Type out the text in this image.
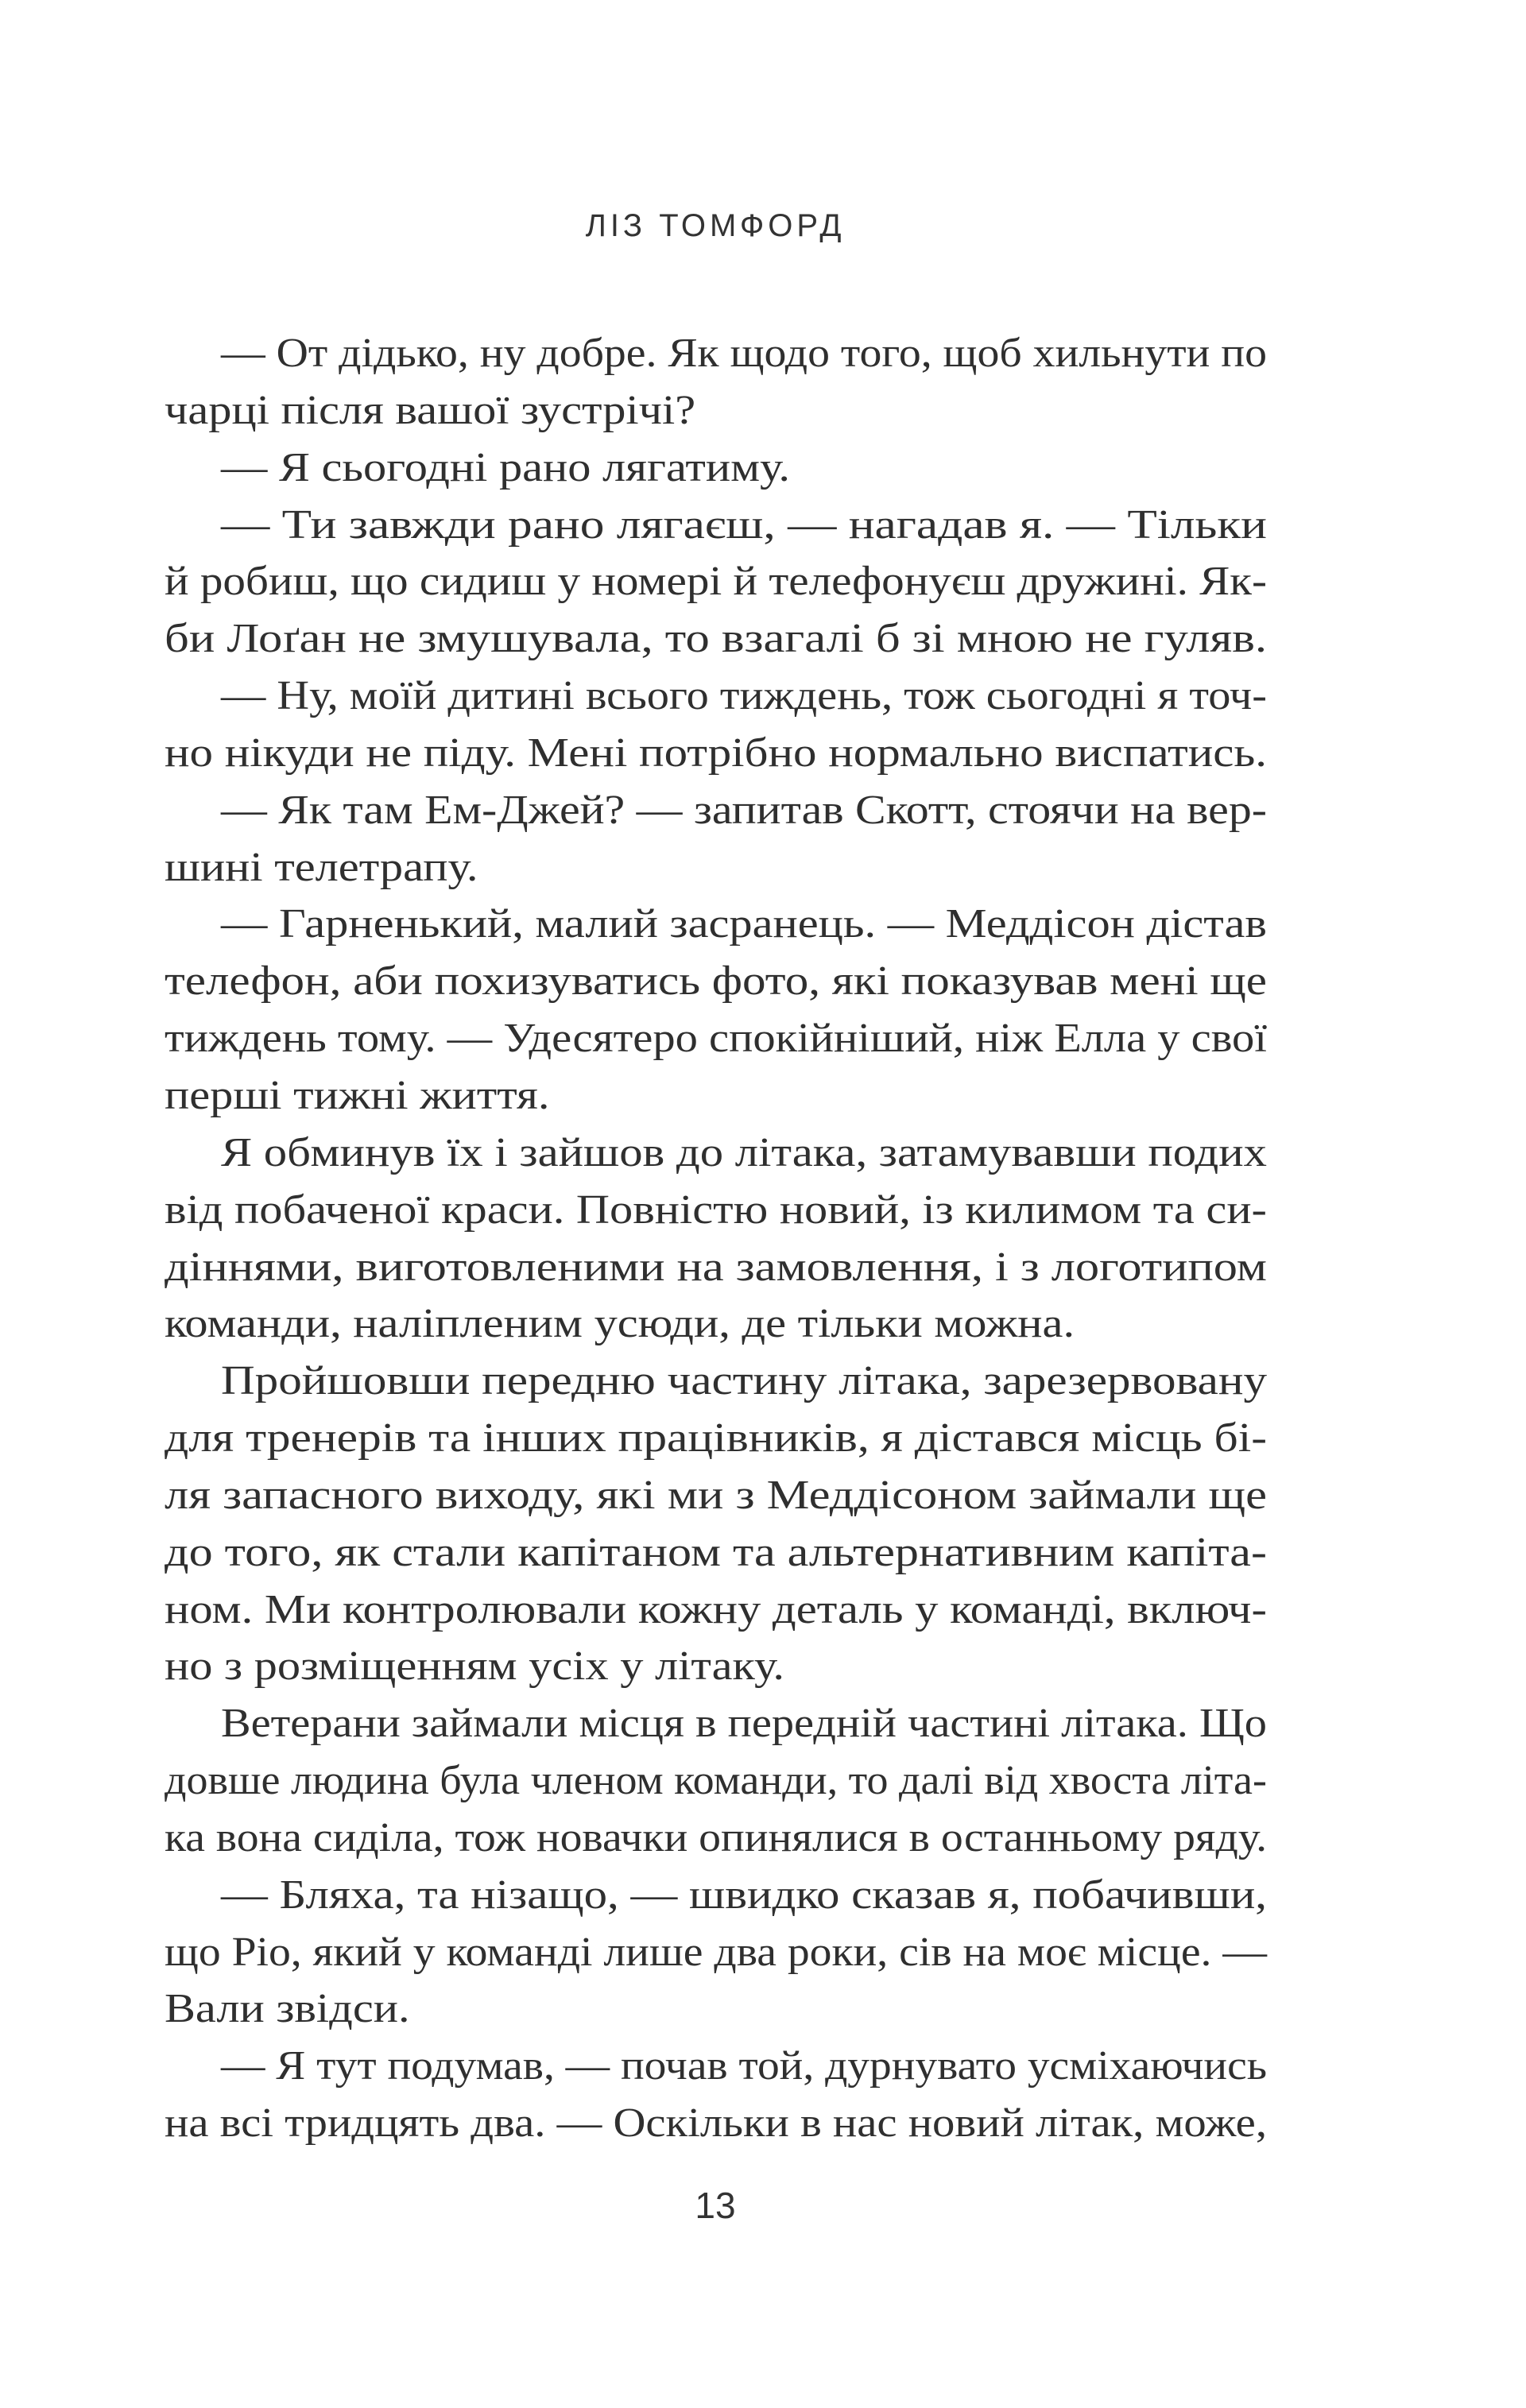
ЛІЗ ТОМФОРД
— От дідько, ну добре. Як щодо того, щоб хильнути по
чарці після вашої зустрічі?
— Я сьогодні рано лягатиму.
— Ти завжди рано лягаєш, — нагадав я. — Тільки
й робиш, що сидиш у номері й телефонуєш дружині. Як-
би Лоґан не змушувала, то взагалі б зі мною не гуляв.
— Ну, моїй дитині всього тиждень, тож сьогодні я точ-
но нікуди не піду. Мені потрібно нормально виспатись.
— Як там Ем-Джей? — запитав Скотт, стоячи на вер-
шині телетрапу.
— Гарненький, малий засранець. — Меддісон дістав
телефон, аби похизуватись фото, які показував мені ще
тиждень тому. — Удесятеро спокійніший, ніж Елла у свої
перші тижні життя.
Я обминув їх і зайшов до літака, затамувавши подих
від побаченої краси. Повністю новий, із килимом та си-
діннями, виготовленими на замовлення, і з логотипом
команди, наліпленим усюди, де тільки можна.
Пройшовши передню частину літака, зарезервовану
для тренерів та інших працівників, я дістався місць бі-
ля запасного виходу, які ми з Меддісоном займали ще
до того, як стали капітаном та альтернативним капіта-
ном. Ми контролювали кожну деталь у команді, включ-
но з розміщенням усіх у літаку.
Ветерани займали місця в передній частині літака. Що
довше людина була членом команди, то далі від хвоста літа-
ка вона сиділа, тож новачки опинялися в останньому ряду.
— Бляха, та нізащо, — швидко сказав я, побачивши,
що Ріо, який у команді лише два роки, сів на моє місце. —
Вали звідси.
— Я тут подумав, — почав той, дурнувато усміхаючись
на всі тридцять два. — Оскільки в нас новий літак, може,
13
